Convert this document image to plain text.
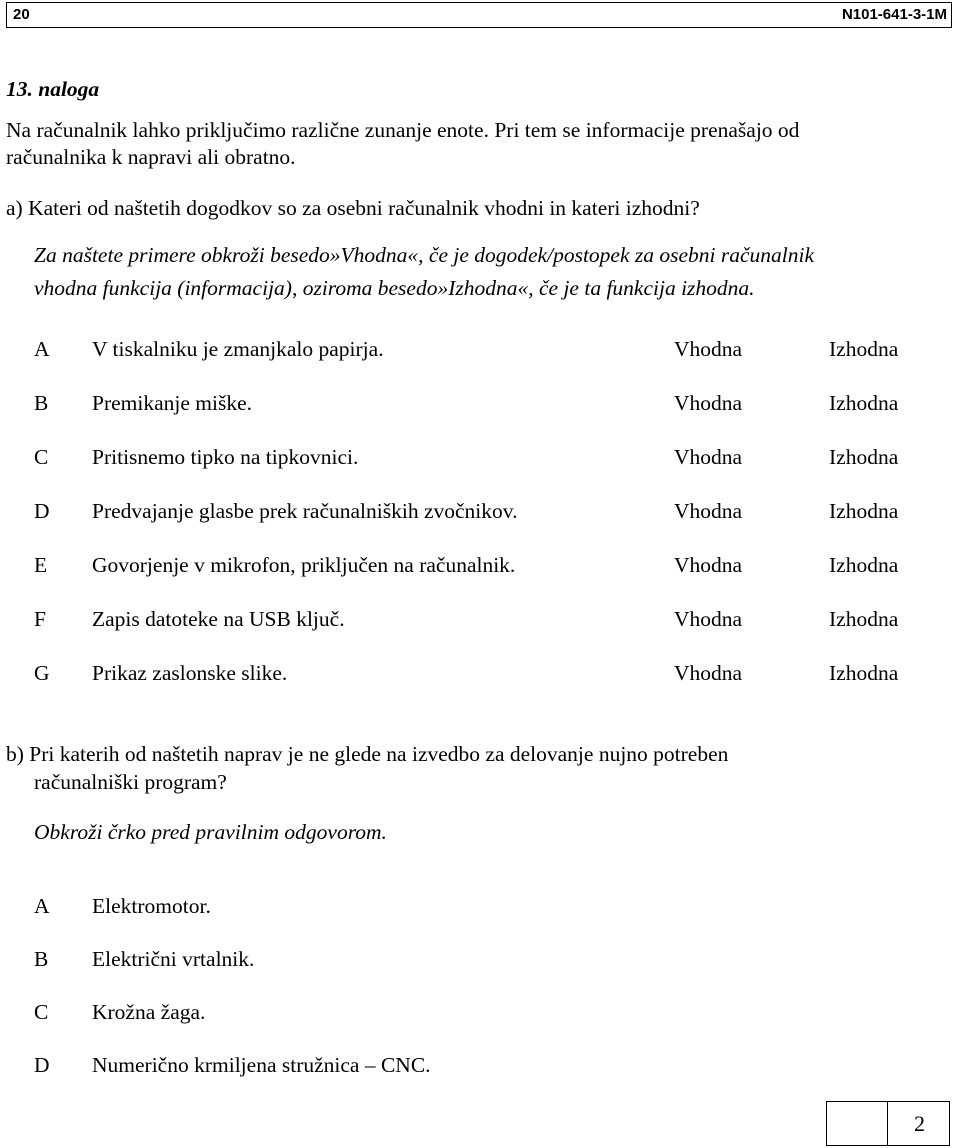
20	N101-641-3-1M
13. naloga
Na računalnik lahko priključimo različne zunanje enote. Pri tem se informacije prenašajo od
računalnika k napravi ali obratno.
a) Kateri od naštetih dogodkov so za osebni računalnik vhodni in kateri izhodni?
Za naštete primere obkroži besedo»Vhodna«, če je dogodek/postopek za osebni računalnik
vhodna funkcija (informacija), oziroma besedo»Izhodna«, če je ta funkcija izhodna.
A V tiskalniku je zmanjkalo papirja.	Vhodna	Izhodna
B Premikanje miške.	Vhodna	Izhodna
C Pritisnemo tipko na tipkovnici.	Vhodna	Izhodna
D Predvajanje glasbe prek računalniških zvočnikov.	Vhodna	Izhodna
E Govorjenje v mikrofon, priključen na računalnik.	Vhodna	Izhodna
F Zapis datoteke na USB ključ.	Vhodna	Izhodna
G Prikaz zaslonske slike.	Vhodna	Izhodna
b) Pri katerih od naštetih naprav je ne glede na izvedbo za delovanje nujno potreben
računalniški program?
Obkroži črko pred pravilnim odgovorom.
A Elektromotor.
B Električni vrtalnik.
C Krožna žaga.
D Numerično krmiljena stružnica – CNC.
2
